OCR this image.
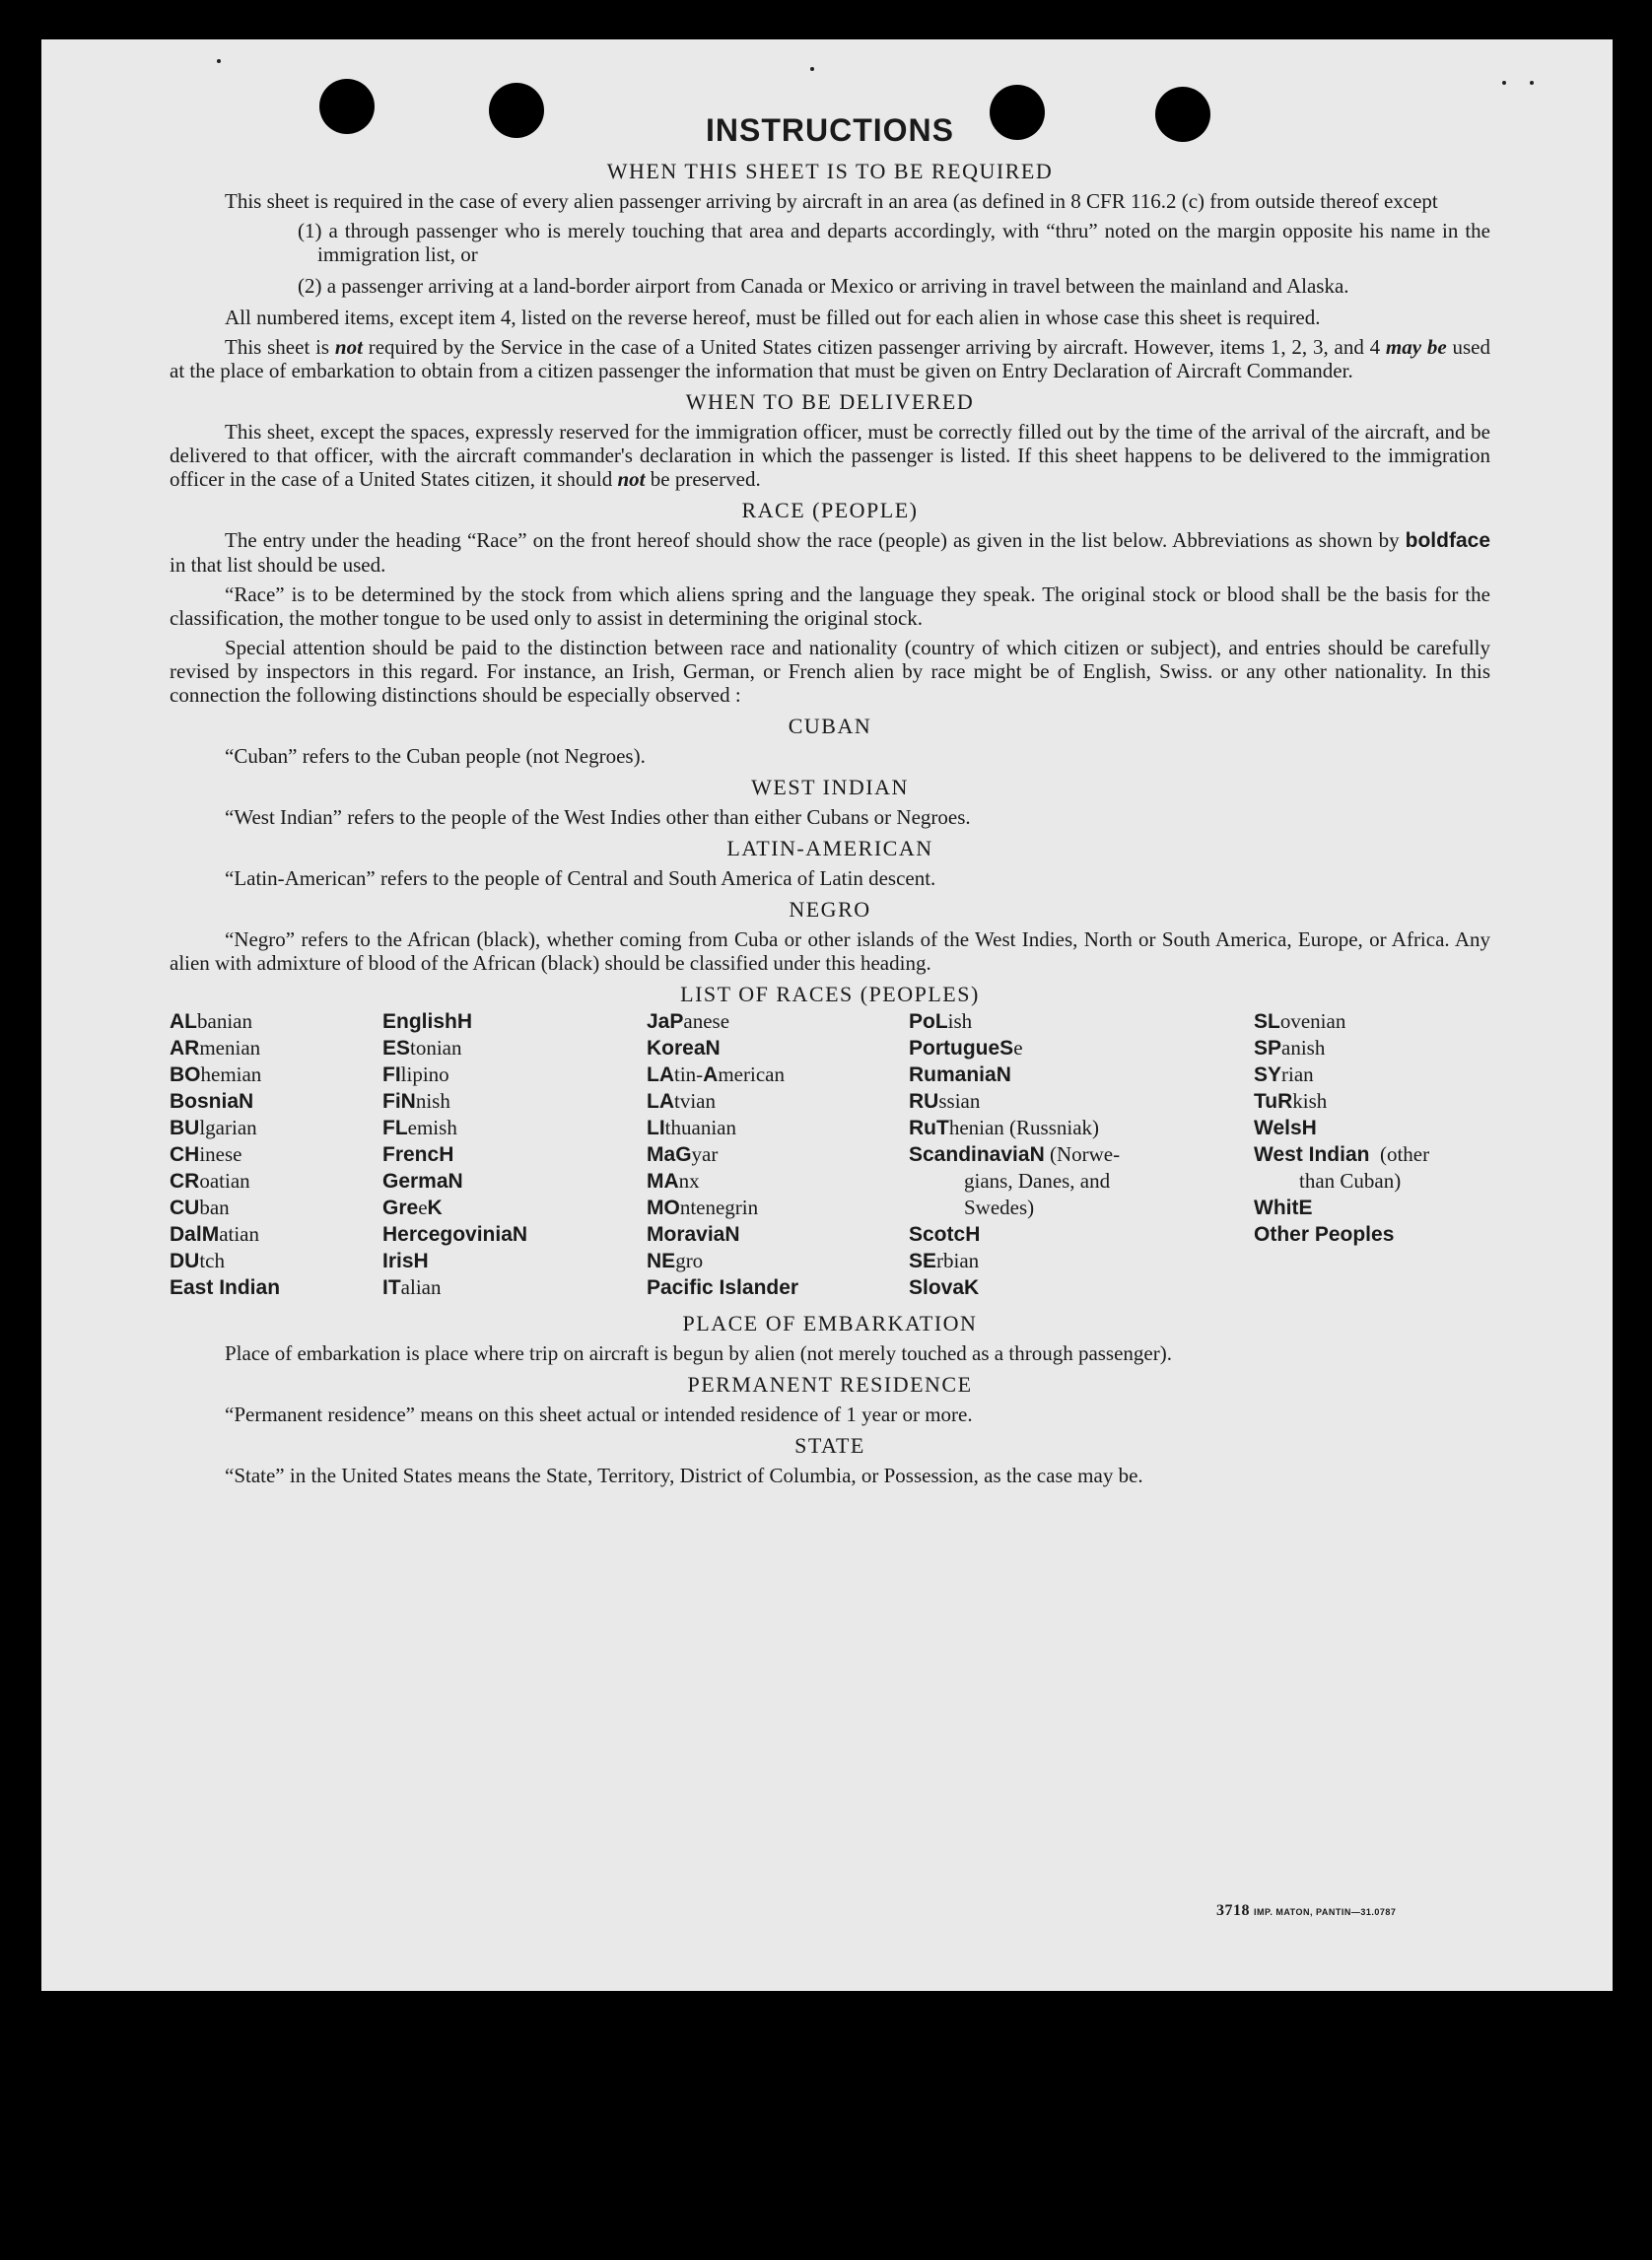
INSTRUCTIONS
WHEN THIS SHEET IS TO BE REQUIRED

This sheet is required in the case of every alien passenger arriving by aircraft in an area (as defined in 8 CFR 116.2 (c) from outside thereof except

(1) a through passenger who is merely touching that area and departs accordingly, with “thru” noted on the margin opposite his name in the immigration list, or
(2) a passenger arriving at a land-border airport from Canada or Mexico or arriving in travel between the mainland and Alaska.

All numbered items, except item 4, listed on the reverse hereof, must be filled out for each alien in whose case this sheet is required.

This sheet is not required by the Service in the case of a United States citizen passenger arriving by aircraft. However, items 1, 2, 3, and 4 may be used at the place of embarkation to obtain from a citizen passenger the information that must be given on Entry Declaration of Aircraft Commander.

WHEN TO BE DELIVERED

This sheet, except the spaces, expressly reserved for the immigration officer, must be correctly filled out by the time of the arrival of the aircraft, and be delivered to that officer, with the aircraft commander's declaration in which the passenger is listed. If this sheet happens to be delivered to the immigration officer in the case of a United States citizen, it should not be preserved.

RACE (PEOPLE)

The entry under the heading “Race” on the front hereof should show the race (people) as given in the list below. Abbreviations as shown by boldface in that list should be used.

“Race” is to be determined by the stock from which aliens spring and the language they speak. The original stock or blood shall be the basis for the classification, the mother tongue to be used only to assist in determining the original stock.

Special attention should be paid to the distinction between race and nationality (country of which citizen or subject), and entries should be carefully revised by inspectors in this regard. For instance, an Irish, German, or French alien by race might be of English, Swiss. or any other nationality. In this connection the following distinctions should be especially observed :

CUBAN

“Cuban” refers to the Cuban people (not Negroes).

WEST INDIAN

“West Indian” refers to the people of the West Indies other than either Cubans or Negroes.

LATIN-AMERICAN

“Latin-American” refers to the people of Central and South America of Latin descent.

NEGRO

“Negro” refers to the African (black), whether coming from Cuba or other islands of the West Indies, North or South America, Europe, or Africa. Any alien with admixture of blood of the African (black) should be classified under this heading.

LIST OF RACES (PEOPLES)
ALbanian
ARmenian
BOhemian
BosniaN
BUlgarian
CHinese
CRoatian
CUban
DalMatian
DUtch
East Indian
EnglishH
EStonian
FIlipino
FiNnish
FLemish
FrencH
GermaN
GreeK
HercegoviniaN
IrisH
ITalian
JaPanese
KoreaN
LAtin-American
LAtvian
LIthuanian
MaGyar
MAnx
MOntenegrin
MoraviaN
NEgro
Pacific Islander
PoLish
PortugueSe
RumaniaN
RUssian
RuThenian (Russniak)
ScandinaviaN (Norwe-
gians, Danes, and
Swedes)
ScotcH
SErbian
SlovaK
SLovenian
SPanish
SYrian
TuRkish
WelsH
West Indian  (other
than Cuban)
WhitE
Other Peoples
PLACE OF EMBARKATION

Place of embarkation is place where trip on aircraft is begun by alien (not merely touched as a through passenger).

PERMANENT RESIDENCE

“Permanent residence” means on this sheet actual or intended residence of 1 year or more.

STATE

“State” in the United States means the State, Territory, District of Columbia, or Possession, as the case may be.

3718 IMP. MATON, PANTIN—31.0787
